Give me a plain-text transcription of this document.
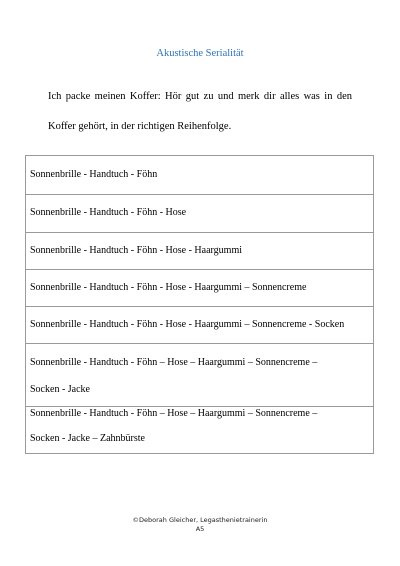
Akustische Serialität
Ich packe meinen Koffer: Hör gut zu und merk dir alles was in den Koffer gehört, in der richtigen Reihenfolge.
Sonnenbrille - Handtuch - Föhn
Sonnenbrille - Handtuch - Föhn - Hose
Sonnenbrille - Handtuch - Föhn - Hose - Haargummi
Sonnenbrille - Handtuch - Föhn - Hose - Haargummi – Sonnencreme
Sonnenbrille - Handtuch - Föhn - Hose - Haargummi – Sonnencreme - Socken
Sonnenbrille - Handtuch - Föhn – Hose – Haargummi – Sonnencreme –
Socken - Jacke
Sonnenbrille - Handtuch - Föhn – Hose – Haargummi – Sonnencreme –
Socken - Jacke – Zahnbürste
©Deborah Gleicher, Legasthenietrainerin
A5
